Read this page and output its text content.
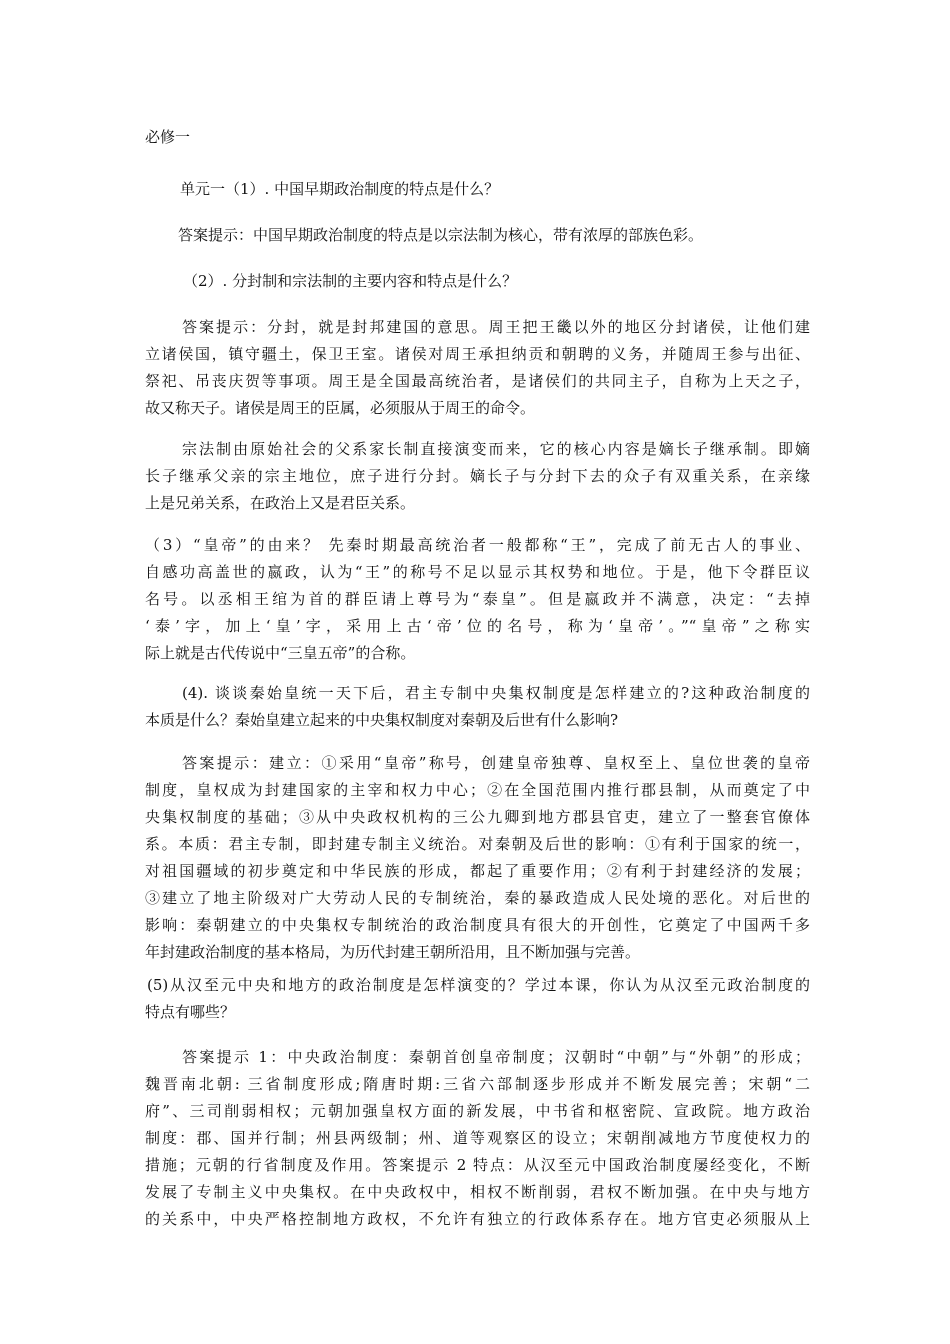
必修一

单元一（1）. 中国早期政治制度的特点是什么？

答案提示：中国早期政治制度的特点是以宗法制为核心，带有浓厚的部族色彩。

（2）. 分封制和宗法制的主要内容和特点是什么？

答案提示：分封，就是封邦建国的意思。周王把王畿以外的地区分封诸侯，让他们建
立诸侯国，镇守疆土，保卫王室。诸侯对周王承担纳贡和朝聘的义务，并随周王参与出征、
祭祀、吊丧庆贺等事项。周王是全国最高统治者，是诸侯们的共同主子，自称为上天之子，
故又称天子。诸侯是周王的臣属，必须服从于周王的命令。
宗法制由原始社会的父系家长制直接演变而来，它的核心内容是嫡长子继承制。即嫡
长子继承父亲的宗主地位，庶子进行分封。嫡长子与分封下去的众子有双重关系，在亲缘
上是兄弟关系，在政治上又是君臣关系。
（3）“皇帝”的由来？ 先秦时期最高统治者一般都称“王”，完成了前无古人的事业、
自感功高盖世的嬴政，认为“王”的称号不足以显示其权势和地位。于是，他下令群臣议
名号。以丞相王绾为首的群臣请上尊号为“泰皇”。但是嬴政并不满意，决定：“去掉
‘泰’字，加上‘皇’字，采用上古‘帝’位的名号，称为‘皇帝’。”“皇帝”之称实
际上就是古代传说中“三皇五帝”的合称。
(4). 谈谈秦始皇统一天下后，君主专制中央集权制度是怎样建立的?这种政治制度的
本质是什么？秦始皇建立起来的中央集权制度对秦朝及后世有什么影响?
答案提示：建立：①采用“皇帝”称号，创建皇帝独尊、皇权至上、皇位世袭的皇帝
制度，皇权成为封建国家的主宰和权力中心；②在全国范围内推行郡县制，从而奠定了中
央集权制度的基础；③从中央政权机构的三公九卿到地方郡县官吏，建立了一整套官僚体
系。本质：君主专制，即封建专制主义统治。对秦朝及后世的影响：①有利于国家的统一，
对祖国疆域的初步奠定和中华民族的形成，都起了重要作用；②有利于封建经济的发展；
③建立了地主阶级对广大劳动人民的专制统治，秦的暴政造成人民处境的恶化。对后世的
影响：秦朝建立的中央集权专制统治的政治制度具有很大的开创性，它奠定了中国两千多
年封建政治制度的基本格局，为历代封建王朝所沿用，且不断加强与完善。
(5)从汉至元中央和地方的政治制度是怎样演变的？学过本课，你认为从汉至元政治制度的
特点有哪些？
答案提示 1：中央政治制度：秦朝首创皇帝制度；汉朝时“中朝”与“外朝”的形成；
魏晋南北朝: 三省制度形成;隋唐时期:三省六部制逐步形成并不断发展完善；宋朝“二
府”、三司削弱相权；元朝加强皇权方面的新发展，中书省和枢密院、宣政院。地方政治
制度：郡、国并行制；州县两级制；州、道等观察区的设立；宋朝削减地方节度使权力的
措施；元朝的行省制度及作用。答案提示 2 特点：从汉至元中国政治制度屡经变化，不断
发展了专制主义中央集权。在中央政权中，相权不断削弱，君权不断加强。在中央与地方
的关系中，中央严格控制地方政权，不允许有独立的行政体系存在。地方官吏必须服从上
